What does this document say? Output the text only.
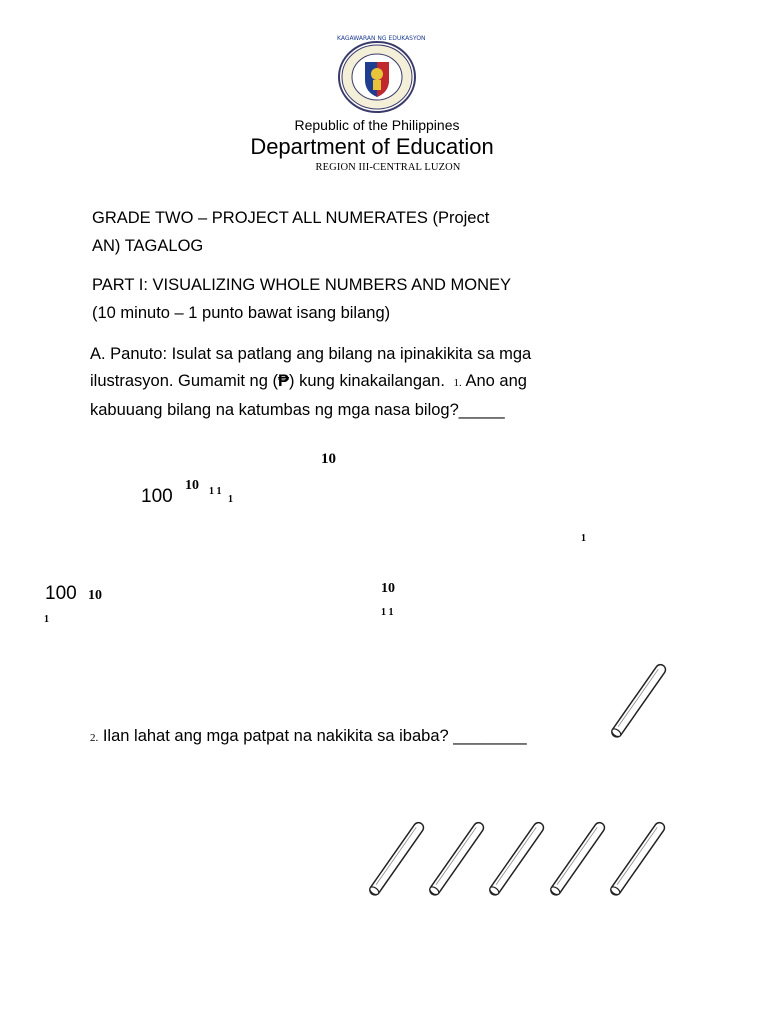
KAGAWARAN NG EDUKASYON
Republic of the Philippines
Department of Education
REGION III-CENTRAL LUZON
GRADE TWO – PROJECT ALL NUMERATES (Project
AN) TAGALOG
PART I: VISUALIZING WHOLE NUMBERS AND MONEY
(10 minuto – 1 punto bawat isang bilang)
A. Panuto: Isulat sa patlang ang bilang na ipinakikita sa mga
ilustrasyon. Gumamit ng (₱) kung kinakailangan. 1. Ano ang
kabuuang bilang na katumbas ng mga nasa bilog?_____
10
100
10 1 1
1
1
100 10
1
10
1 1
2. Ilan lahat ang mga patpat na nakikita sa ibaba? ________
